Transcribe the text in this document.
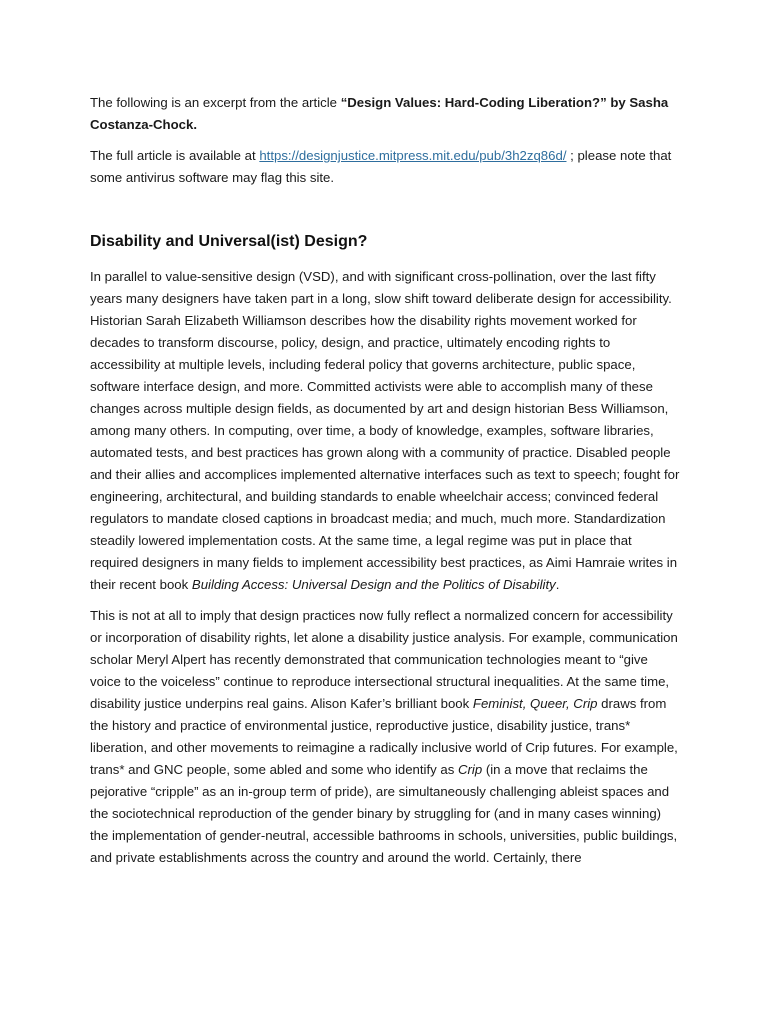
The following is an excerpt from the article “Design Values: Hard-Coding Liberation?” by Sasha Costanza-Chock.

The full article is available at https://designjustice.mitpress.mit.edu/pub/3h2zq86d/ ; please note that some antivirus software may flag this site.

Disability and Universal(ist) Design?

In parallel to value-sensitive design (VSD), and with significant cross-pollination, over the last fifty years many designers have taken part in a long, slow shift toward deliberate design for accessibility. Historian Sarah Elizabeth Williamson describes how the disability rights movement worked for decades to transform discourse, policy, design, and practice, ultimately encoding rights to accessibility at multiple levels, including federal policy that governs architecture, public space, software interface design, and more. Committed activists were able to accomplish many of these changes across multiple design fields, as documented by art and design historian Bess Williamson, among many others. In computing, over time, a body of knowledge, examples, software libraries, automated tests, and best practices has grown along with a community of practice. Disabled people and their allies and accomplices implemented alternative interfaces such as text to speech; fought for engineering, architectural, and building standards to enable wheelchair access; convinced federal regulators to mandate closed captions in broadcast media; and much, much more. Standardization steadily lowered implementation costs. At the same time, a legal regime was put in place that required designers in many fields to implement accessibility best practices, as Aimi Hamraie writes in their recent book Building Access: Universal Design and the Politics of Disability.

This is not at all to imply that design practices now fully reflect a normalized concern for accessibility or incorporation of disability rights, let alone a disability justice analysis. For example, communication scholar Meryl Alpert has recently demonstrated that communication technologies meant to “give voice to the voiceless” continue to reproduce intersectional structural inequalities. At the same time, disability justice underpins real gains. Alison Kafer’s brilliant book Feminist, Queer, Crip draws from the history and practice of environmental justice, reproductive justice, disability justice, trans* liberation, and other movements to reimagine a radically inclusive world of Crip futures. For example, trans* and GNC people, some abled and some who identify as Crip (in a move that reclaims the pejorative “cripple” as an in-group term of pride), are simultaneously challenging ableist spaces and the sociotechnical reproduction of the gender binary by struggling for (and in many cases winning) the implementation of gender-neutral, accessible bathrooms in schools, universities, public buildings, and private establishments across the country and around the world. Certainly, there
